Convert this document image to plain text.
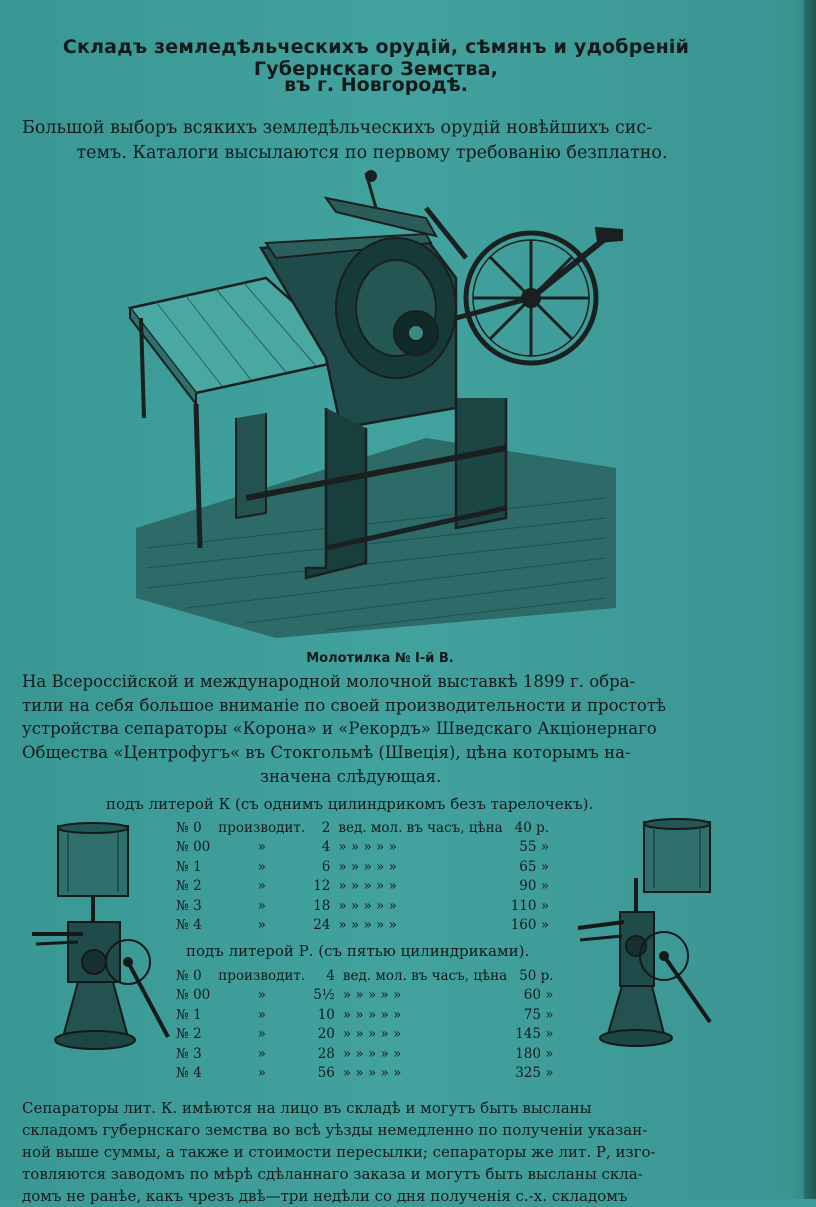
Складъ земледѣльческихъ орудій, сѣмянъ и удобреній Губернскаго Земства,
въ г. Новгородѣ.
Большой выборъ всякихъ земледѣльческихъ орудій новѣйшихъ сис-
темъ. Каталоги высылаются по первому требованію безплатно.
Молотилка № I-й В.
На Всероссійской и международной молочной выставкѣ 1899 г. обра-
тили на себя большое вниманіе по своей производительности и простотѣ
устройства сепараторы «Корона» и «Рекордъ» Шведскаго Акціонернаго
Общества «Центрофугъ« въ Стокгольмѣ (Швеція), цѣна которымъ на-
значена слѣдующая.
подъ литерой К (съ однимъ цилиндрикомъ безъ тарелочекъ).
№ 0	производит.	2	вед. мол. въ часъ, цѣна	40 р.
№ 00	»	4	» » » » »	55 »
№ 1	»	6	» » » » »	65 »
№ 2	»	12	» » » » »	90 »
№ 3	»	18	» » » » »	110 »
№ 4	»	24	» » » » »	160 »
подъ литерой Р. (съ пятью цилиндриками).
№ 0	производит.	4	вед. мол. въ часъ, цѣна	50 р.
№ 00	»	5½	» » » » »	60 »
№ 1	»	10	» » » » »	75 »
№ 2	»	20	» » » » »	145 »
№ 3	»	28	» » » » »	180 »
№ 4	»	56	» » » » »	325 »
Сепараторы лит. К. имѣются на лицо въ складѣ и могутъ быть высланы
складомъ губернскаго земства во всѣ уѣзды немедленно по полученіи указан-
ной выше суммы, а также и стоимости пересылки; сепараторы же лит. Р, изго-
товляются заводомъ по мѣрѣ сдѣланнаго заказа и могутъ быть высланы скла-
домъ не ранѣе, какъ чрезъ двѣ—три недѣли со дня полученія с.-х. складомъ
